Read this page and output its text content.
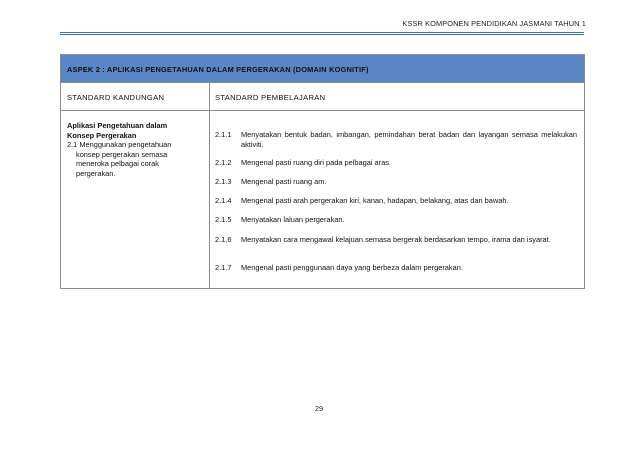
KSSR KOMPONEN PENDIDIKAN JASMANI TAHUN 1
ASPEK 2 : APLIKASI PENGETAHUAN DALAM PERGERAKAN (DOMAIN KOGNITIF)
STANDARD KANDUNGAN	STANDARD PEMBELAJARAN
Aplikasi Pengetahuan dalam
Konsep Pergerakan
2.1 Menggunakan pengetahuan
konsep pergerakan semasa
meneroka pelbagai corak
pergerakan.
2.1.1	Menyatakan bentuk badan, imbangan, pemindahan berat badan dan layangan semasa melakukan aktiviti.
2.1.2	Mengenal pasti ruang diri pada pelbagai aras.
2.1.3	Mengenal pasti ruang am.
2.1.4	Mengenal pasti arah pergerakan kiri, kanan, hadapan, belakang, atas dan bawah.
2.1.5	Menyatakan laluan pergerakan.
2.1.6	Menyatakan cara mengawal kelajuan semasa bergerak berdasarkan tempo, irama dan isyarat.
2.1.7	Mengenal pasti penggunaan daya yang berbeza dalam pergerakan.
29
